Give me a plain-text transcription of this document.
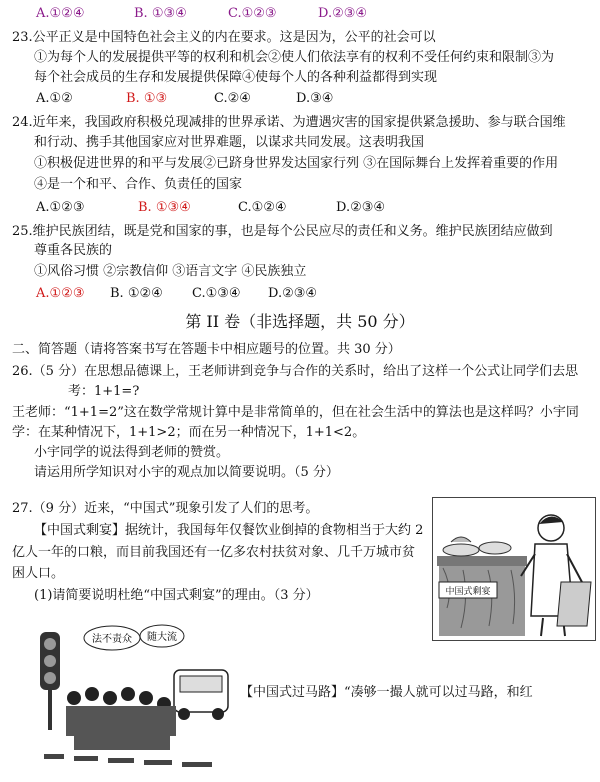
A.①②④	B. ①③④	C.①②③	D.②③④
23.公平正义是中国特色社会主义的内在要求。这是因为，公平的社会可以
①为每个人的发展提供平等的权利和机会②使人们依法享有的权利不受任何约束和限制③为
每个社会成员的生存和发展提供保障④使每个人的各种利益都得到实现
A.①②	B. ①③	C.②④	D.③④
24.近年来，我国政府积极兑现减排的世界承诺、为遭遇灾害的国家提供紧急援助、参与联合国维
和行动、携手其他国家应对世界难题，以谋求共同发展。这表明我国
①积极促进世界的和平与发展②已跻身世界发达国家行列 ③在国际舞台上发挥着重要的作用
④是一个和平、合作、负责任的国家
A.①②③	B. ①③④	C.①②④	D.②③④
25.维护民族团结，既是党和国家的事，也是每个公民应尽的责任和义务。维护民族团结应做到
尊重各民族的
①风俗习惯 ②宗教信仰 ③语言文字 ④民族独立
A.①②③ B. ①②④ C.①③④ D.②③④
第 II 卷（非选择题，共 50 分）
二、简答题（请将答案书写在答题卡中相应题号的位置。共 30 分）
26.（5 分）在思想品德课上，王老师讲到竞争与合作的关系时，给出了这样一个公式让同学们去思
考：1+1=?
王老师：“1+1=2”这在数学常规计算中是非常简单的，但在社会生活中的算法也是这样吗？小宇同
学：在某种情况下，1+1>2；而在另一种情况下，1+1<2。
小宇同学的说法得到老师的赞赏。
请运用所学知识对小宇的观点加以简要说明。（5 分）
27.（9 分）近来，“中国式”现象引发了人们的思考。
【中国式剩宴】据统计，我国每年仅餐饮业倒掉的食物相当于大约 2
亿人一年的口粮，而目前我国还有一亿多农村扶贫对象、几千万城市贫
困人口。
(1)请简要说明杜绝“中国式剩宴”的理由。（3 分）
【中国式过马路】“凑够一撮人就可以过马路，和红
中国式剩宴
法不责众 随大流
